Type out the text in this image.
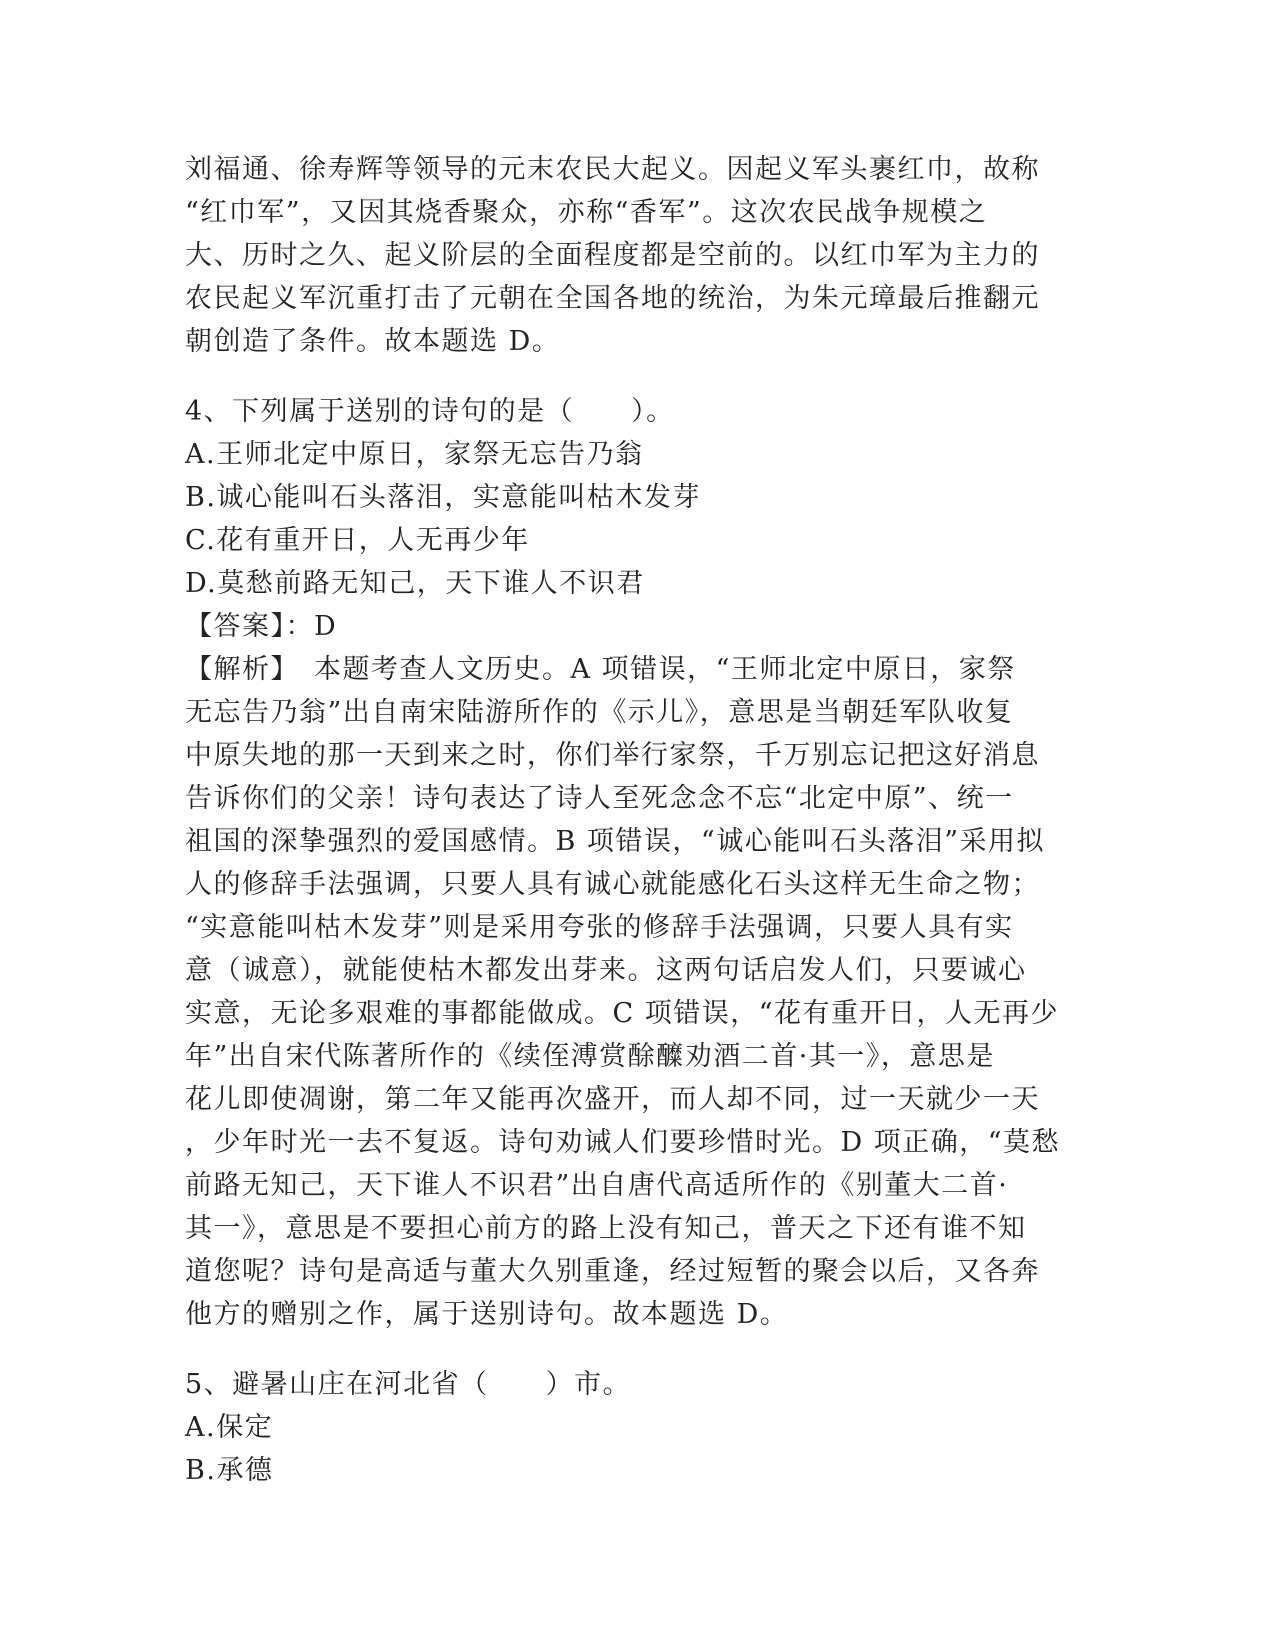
刘福通、徐寿辉等领导的元末农民大起义。因起义军头裹红巾，故称
“红巾军”，又因其烧香聚众，亦称“香军”。这次农民战争规模之
大、历时之久、起义阶层的全面程度都是空前的。以红巾军为主力的
农民起义军沉重打击了元朝在全国各地的统治，为朱元璋最后推翻元
朝创造了条件。故本题选 D。
4、下列属于送别的诗句的是（　　）。
A.王师北定中原日，家祭无忘告乃翁
B.诚心能叫石头落泪，实意能叫枯木发芽
C.花有重开日，人无再少年
D.莫愁前路无知己，天下谁人不识君
【答案】：D
【解析】　本题考查人文历史。A 项错误，“王师北定中原日，家祭
无忘告乃翁”出自南宋陆游所作的《示儿》，意思是当朝廷军队收复
中原失地的那一天到来之时，你们举行家祭，千万别忘记把这好消息
告诉你们的父亲！诗句表达了诗人至死念念不忘“北定中原”、统一
祖国的深挚强烈的爱国感情。B 项错误，“诚心能叫石头落泪”采用拟
人的修辞手法强调，只要人具有诚心就能感化石头这样无生命之物；
“实意能叫枯木发芽”则是采用夸张的修辞手法强调，只要人具有实
意（诚意），就能使枯木都发出芽来。这两句话启发人们，只要诚心
实意，无论多艰难的事都能做成。C 项错误，“花有重开日，人无再少
年”出自宋代陈著所作的《续侄溥赏酴醾劝酒二首·其一》，意思是
花儿即使凋谢，第二年又能再次盛开，而人却不同，过一天就少一天
，少年时光一去不复返。诗句劝诫人们要珍惜时光。D 项正确，“莫愁
前路无知己，天下谁人不识君”出自唐代高适所作的《别董大二首·
其一》，意思是不要担心前方的路上没有知己，普天之下还有谁不知
道您呢？诗句是高适与董大久别重逢，经过短暂的聚会以后，又各奔
他方的赠别之作，属于送别诗句。故本题选 D。
5、避暑山庄在河北省（　　）市。
A.保定
B.承德
